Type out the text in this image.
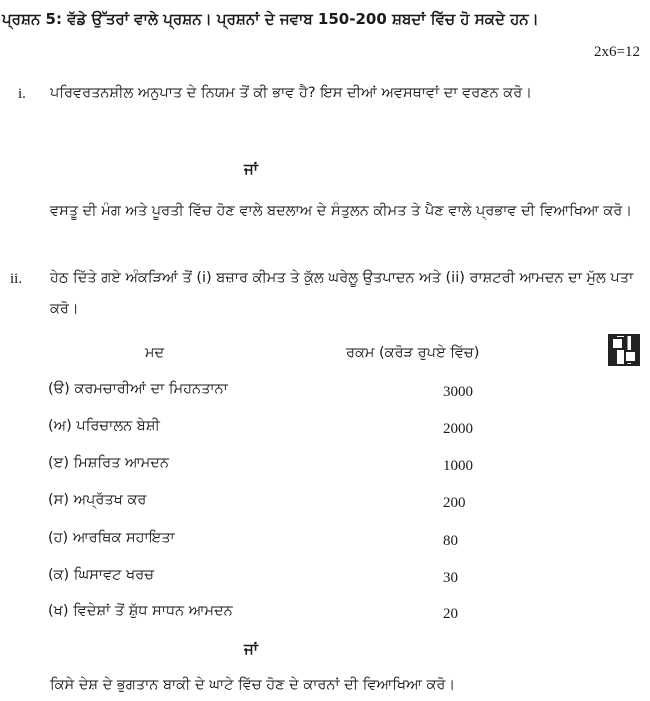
ਪ੍ਰਸ਼ਨ 5: ਵੱਡੇ ਉੱਤਰਾਂ ਵਾਲੇ ਪ੍ਰਸ਼ਨ। ਪ੍ਰਸ਼ਨਾਂ ਦੇ ਜਵਾਬ 150-200 ਸ਼ਬਦਾਂ ਵਿੱਚ ਹੋ ਸਕਦੇ ਹਨ।
2x6=12
i. ਪਰਿਵਰਤਨਸ਼ੀਲ ਅਨੁਪਾਤ ਦੇ ਨਿਯਮ ਤੋਂ ਕੀ ਭਾਵ ਹੈ? ਇਸ ਦੀਆਂ ਅਵਸਥਾਵਾਂ ਦਾ ਵਰਣਨ ਕਰੋ।
ਜਾਂ
ਵਸਤੂ ਦੀ ਮੰਗ ਅਤੇ ਪੂਰਤੀ ਵਿੱਚ ਹੋਣ ਵਾਲੇ ਬਦਲਾਅ ਦੇ ਸੰਤੁਲਨ ਕੀਮਤ ਤੇ ਪੈਣ ਵਾਲੇ ਪ੍ਰਭਾਵ ਦੀ ਵਿਆਖਿਆ ਕਰੋ।
ii. ਹੇਠ ਦਿੱਤੇ ਗਏ ਅੰਕੜਿਆਂ ਤੋਂ (i) ਬਜ਼ਾਰ ਕੀਮਤ ਤੇ ਕੁੱਲ ਘਰੇਲੂ ਉਤਪਾਦਨ ਅਤੇ (ii) ਰਾਸ਼ਟਰੀ ਆਮਦਨ ਦਾ ਮੁੱਲ ਪਤਾ ਕਰੋ।
ਮਦ	ਰਕਮ (ਕਰੋੜ ਰੁਪਏ ਵਿੱਚ)
(ੳ) ਕਰਮਚਾਰੀਆਂ ਦਾ ਮਿਹਨਤਾਨਾ	3000
(ਅ) ਪਰਿਚਾਲਨ ਬੇਸ਼ੀ	2000
(ੲ) ਮਿਸ਼ਰਿਤ ਆਮਦਨ	1000
(ਸ) ਅਪ੍ਰੱਤਖ ਕਰ	200
(ਹ) ਆਰਥਿਕ ਸਹਾਇਤਾ	80
(ਕ) ਘਿਸਾਵਟ ਖਰਚ	30
(ਖ) ਵਿਦੇਸ਼ਾਂ ਤੋਂ ਸ਼ੁੱਧ ਸਾਧਨ ਆਮਦਨ	20
ਜਾਂ
ਕਿਸੇ ਦੇਸ਼ ਦੇ ਭੁਗਤਾਨ ਬਾਕੀ ਦੇ ਘਾਟੇ ਵਿੱਚ ਹੋਣ ਦੇ ਕਾਰਨਾਂ ਦੀ ਵਿਆਖਿਆ ਕਰੋ।
